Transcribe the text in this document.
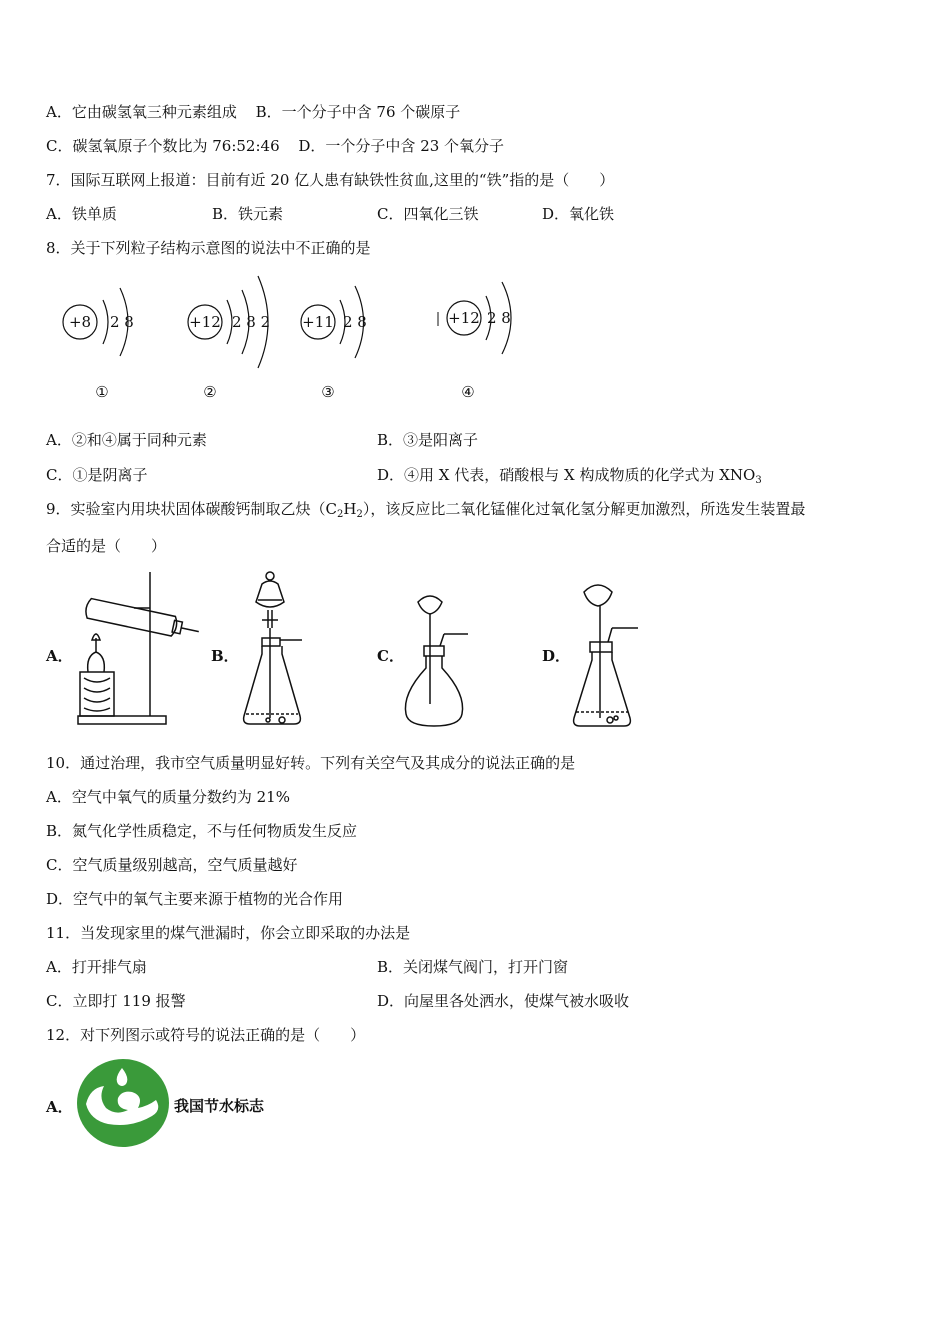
A．它由碳氢氧三种元素组成 B．一个分子中含 76 个碳原子
C．碳氢氧原子个数比为 76:52:46 D．一个分子中含 23 个氧分子
7．国际互联网上报道：目前有近 20 亿人患有缺铁性贫血,这里的“铁”指的是（　　）
A．铁单质	B．铁元素	C．四氧化三铁	D．氧化铁
8．关于下列粒子结构示意图的说法中不正确的是
+8 2 8
①
+12 2 8 2
②
+11 2 8
③
+12 2 8
④
A．②和④属于同种元素	B．③是阳离子
C．①是阴离子	D．④用 X 代表，硝酸根与 X 构成物质的化学式为 $XNO_3$
9．实验室内用块状固体碳酸钙制取乙炔$(C_2H_2)$，该反应比二氧化锰催化过氧化氢分解更加激烈，所选发生装置最
合适的是（　　）
A．	B．	C．	D．
10．通过治理，我市空气质量明显好转。下列有关空气及其成分的说法正确的是
A．空气中氧气的质量分数约为 21%
B．氮气化学性质稳定，不与任何物质发生反应
C．空气质量级别越高，空气质量越好
D．空气中的氧气主要来源于植物的光合作用
11．当发现家里的煤气泄漏时，你会立即采取的办法是
A．打开排气扇	B．关闭煤气阀门，打开门窗
C．立即打 119 报警	D．向屋里各处洒水，使煤气被水吸收
12．对下列图示或符号的说法正确的是（　　）
A．	我国节水标志
